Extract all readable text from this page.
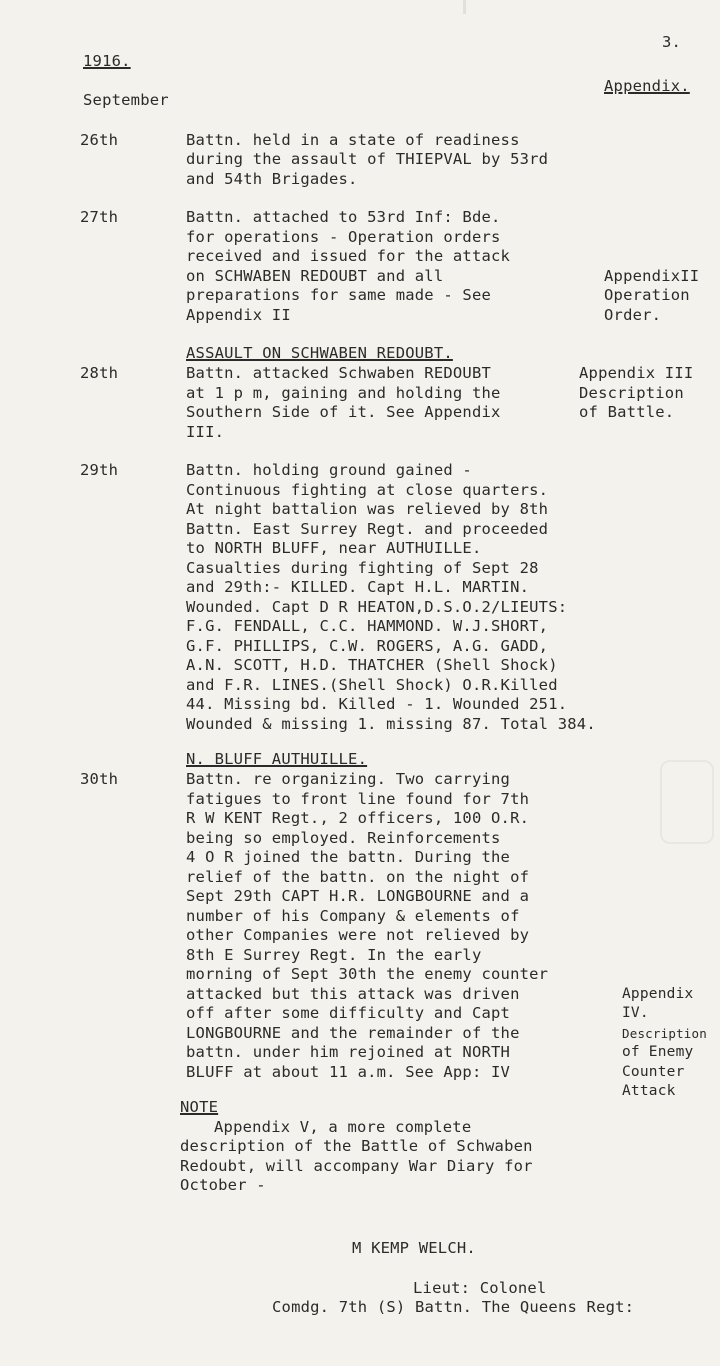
3.
1916.
Appendix.
September
26th	Battn. held in a state of readiness
during the assault of THIEPVAL by 53rd
and 54th Brigades.
27th	Battn. attached to 53rd Inf: Bde.
for operations - Operation orders
received and issued for the attack
on SCHWABEN REDOUBT and all
preparations for same made - See
Appendix II
AppendixII
Operation
Order.
ASSAULT ON SCHWABEN REDOUBT.
28th	Battn. attacked Schwaben REDOUBT
at 1 p m, gaining and holding the
Southern Side of it. See Appendix
III.
Appendix III
Description
of Battle.
29th	Battn. holding ground gained -
Continuous fighting at close quarters.
At night battalion was relieved by 8th
Battn. East Surrey Regt. and proceeded
to NORTH BLUFF, near AUTHUILLE.
Casualties during fighting of Sept 28
and 29th:- KILLED. Capt H.L. MARTIN.
Wounded. Capt D R HEATON,D.S.O.2/LIEUTS:
F.G. FENDALL, C.C. HAMMOND. W.J.SHORT,
G.F. PHILLIPS, C.W. ROGERS, A.G. GADD,
A.N. SCOTT, H.D. THATCHER (Shell Shock)
and F.R. LINES.(Shell Shock) O.R.Killed
44. Missing bd. Killed - 1. Wounded 251.
Wounded & missing 1. missing 87. Total 384.
N. BLUFF AUTHUILLE.
30th	Battn. re organizing. Two carrying
fatigues to front line found for 7th
R W KENT Regt., 2 officers, 100 O.R.
being so employed. Reinforcements
4 O R joined the battn. During the
relief of the battn. on the night of
Sept 29th CAPT H.R. LONGBOURNE and a
number of his Company & elements of
other Companies were not relieved by
8th E Surrey Regt. In the early
morning of Sept 30th the enemy counter
attacked but this attack was driven
off after some difficulty and Capt
LONGBOURNE and the remainder of the
battn. under him rejoined at NORTH
BLUFF at about 11 a.m. See App: IV
Appendix
IV.
Description
of Enemy
Counter
Attack
NOTE
Appendix V, a more complete
description of the Battle of Schwaben
Redoubt, will accompany War Diary for
October -
M KEMP WELCH.
Lieut: Colonel
Comdg. 7th (S) Battn. The Queens Regt:
